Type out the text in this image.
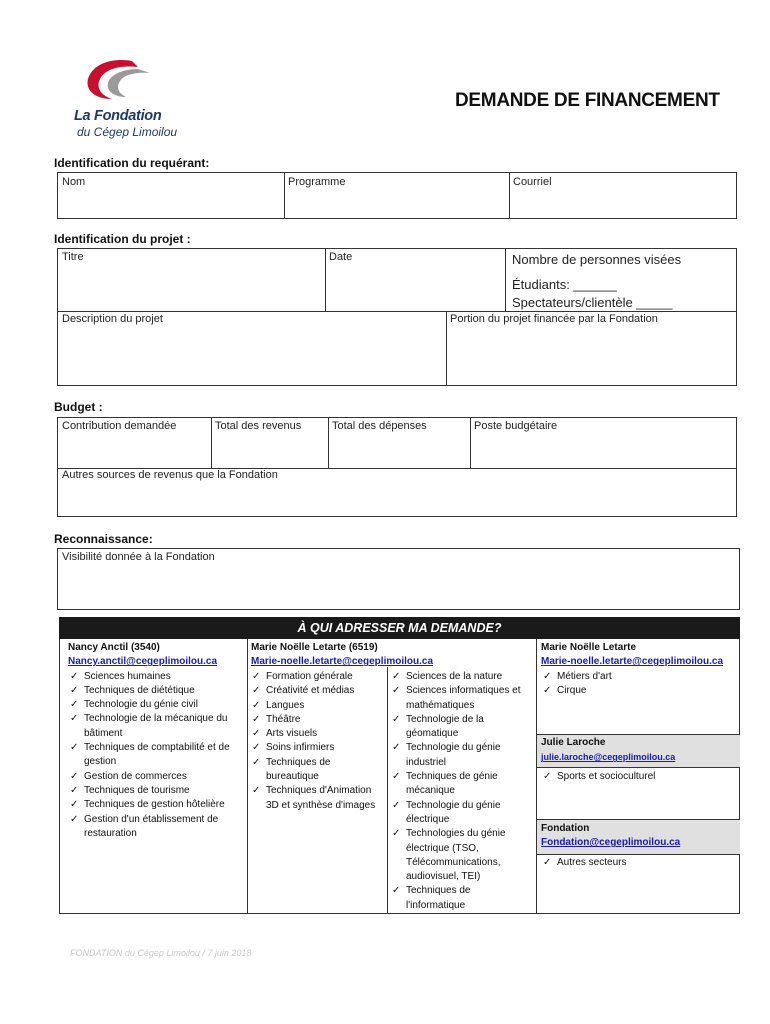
La Fondation
du Cégep Limoilou
DEMANDE DE FINANCEMENT
Identification du requérant:
Nom	Programme	Courriel
Identification du projet :
Titre	Date	Nombre de personnes visées
Étudiants: ______
Spectateurs/clientèle _____
Description du projet	Portion du projet financée par la Fondation
Budget :
Contribution demandée	Total des revenus	Total des dépenses	Poste budgétaire
Autres sources de revenus que la Fondation
Reconnaissance:
Visibilité donnée à la Fondation
À QUI ADRESSER MA DEMANDE?
Nancy Anctil (3540)
Nancy.anctil@cegeplimoilou.ca
✓ Sciences humaines
✓ Techniques de diététique
✓ Technologie du génie civil
✓ Technologie de la mécanique du bâtiment
✓ Techniques de comptabilité et de gestion
✓ Gestion de commerces
✓ Techniques de tourisme
✓ Techniques de gestion hôtelière
✓ Gestion d'un établissement de restauration
Marie Noëlle Letarte (6519)
Marie-noelle.letarte@cegeplimoilou.ca
✓ Formation générale
✓ Créativité et médias
✓ Langues
✓ Théâtre
✓ Arts visuels
✓ Soins infirmiers
✓ Techniques de bureautique
✓ Techniques d'Animation 3D et synthèse d'images
✓ Sciences de la nature
✓ Sciences informatiques et mathématiques
✓ Technologie de la géomatique
✓ Technologie du génie industriel
✓ Techniques de génie mécanique
✓ Technologie du génie électrique
✓ Technologies du génie électrique (TSO, Télécommunications, audiovisuel, TEI)
✓ Techniques de l'informatique
Marie Noëlle Letarte
Marie-noelle.letarte@cegeplimoilou.ca
✓ Métiers d'art
✓ Cirque
Julie Laroche
julie.laroche@cegeplimoilou.ca
✓ Sports et socioculturel
Fondation
Fondation@cegeplimoilou.ca
✓ Autres secteurs
FONDATION du Cégep Limoilou / 7 juin 2018
